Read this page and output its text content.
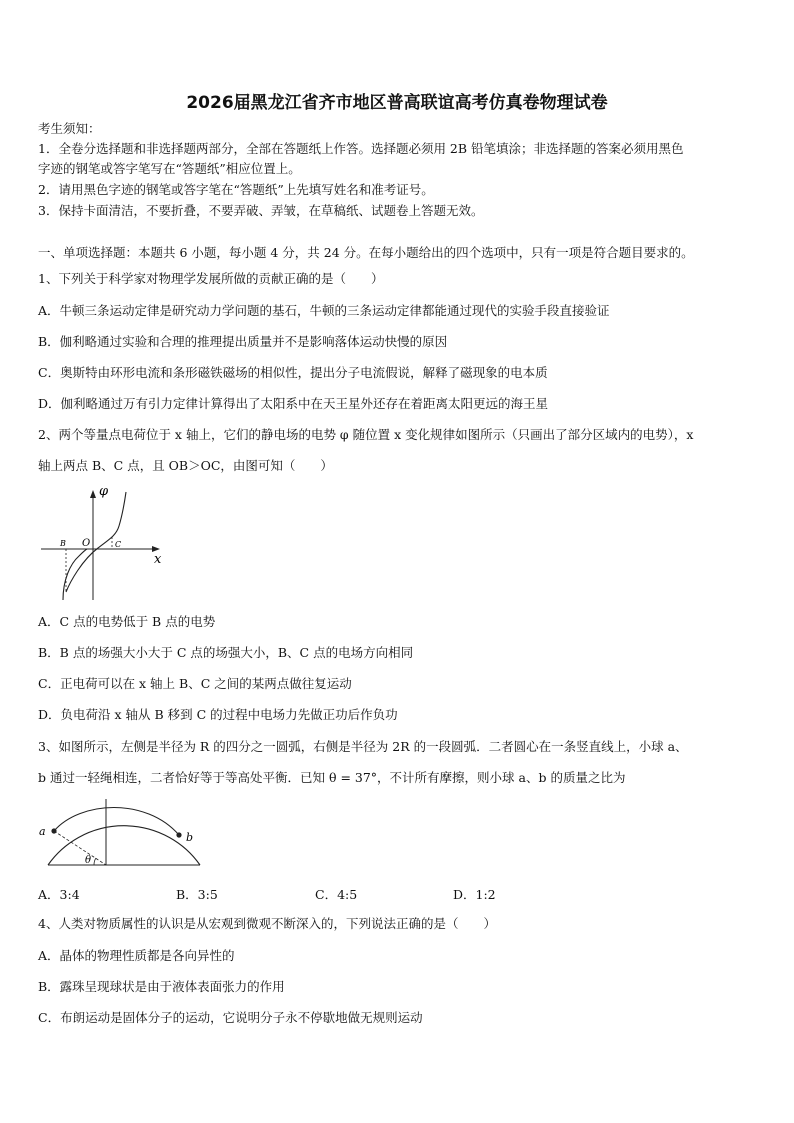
2026届黑龙江省齐市地区普高联谊高考仿真卷物理试卷
考生须知：
1．全卷分选择题和非选择题两部分，全部在答题纸上作答。选择题必须用 2B 铅笔填涂；非选择题的答案必须用黑色
字迹的钢笔或答字笔写在“答题纸”相应位置上。
2．请用黑色字迹的钢笔或答字笔在“答题纸”上先填写姓名和准考证号。
3．保持卡面清洁，不要折叠，不要弄破、弄皱，在草稿纸、试题卷上答题无效。
一、单项选择题：本题共 6 小题，每小题 4 分，共 24 分。在每小题给出的四个选项中，只有一项是符合题目要求的。
1、下列关于科学家对物理学发展所做的贡献正确的是（　　）
A．牛顿三条运动定律是研究动力学问题的基石，牛顿的三条运动定律都能通过现代的实验手段直接验证
B．伽利略通过实验和合理的推理提出质量并不是影响落体运动快慢的原因
C．奥斯特由环形电流和条形磁铁磁场的相似性，提出分子电流假说，解释了磁现象的电本质
D．伽利略通过万有引力定律计算得出了太阳系中在天王星外还存在着距离太阳更远的海王星
2、两个等量点电荷位于 x 轴上，它们的静电场的电势 φ 随位置 x 变化规律如图所示（只画出了部分区域内的电势），x
轴上两点 B、C 点，且 OB＞OC，由图可知（　　）
φ
x
O
B	C
A．C 点的电势低于 B 点的电势
B．B 点的场强大小大于 C 点的场强大小，B、C 点的电场方向相同
C．正电荷可以在 x 轴上 B、C 之间的某两点做往复运动
D．负电荷沿 x 轴从 B 移到 C 的过程中电场力先做正功后作负功
3、如图所示，左侧是半径为 R 的四分之一圆弧，右侧是半径为 2R 的一段圆弧．二者圆心在一条竖直线上，小球 a、
b 通过一轻绳相连，二者恰好等于等高处平衡．已知 θ = 37°，不计所有摩擦，则小球 a、b 的质量之比为
a	b
θ
A．3:4	B．3:5	C．4:5	D．1:2
4、人类对物质属性的认识是从宏观到微观不断深入的，下列说法正确的是（　　）
A．晶体的物理性质都是各向异性的
B．露珠呈现球状是由于液体表面张力的作用
C．布朗运动是固体分子的运动，它说明分子永不停歇地做无规则运动
